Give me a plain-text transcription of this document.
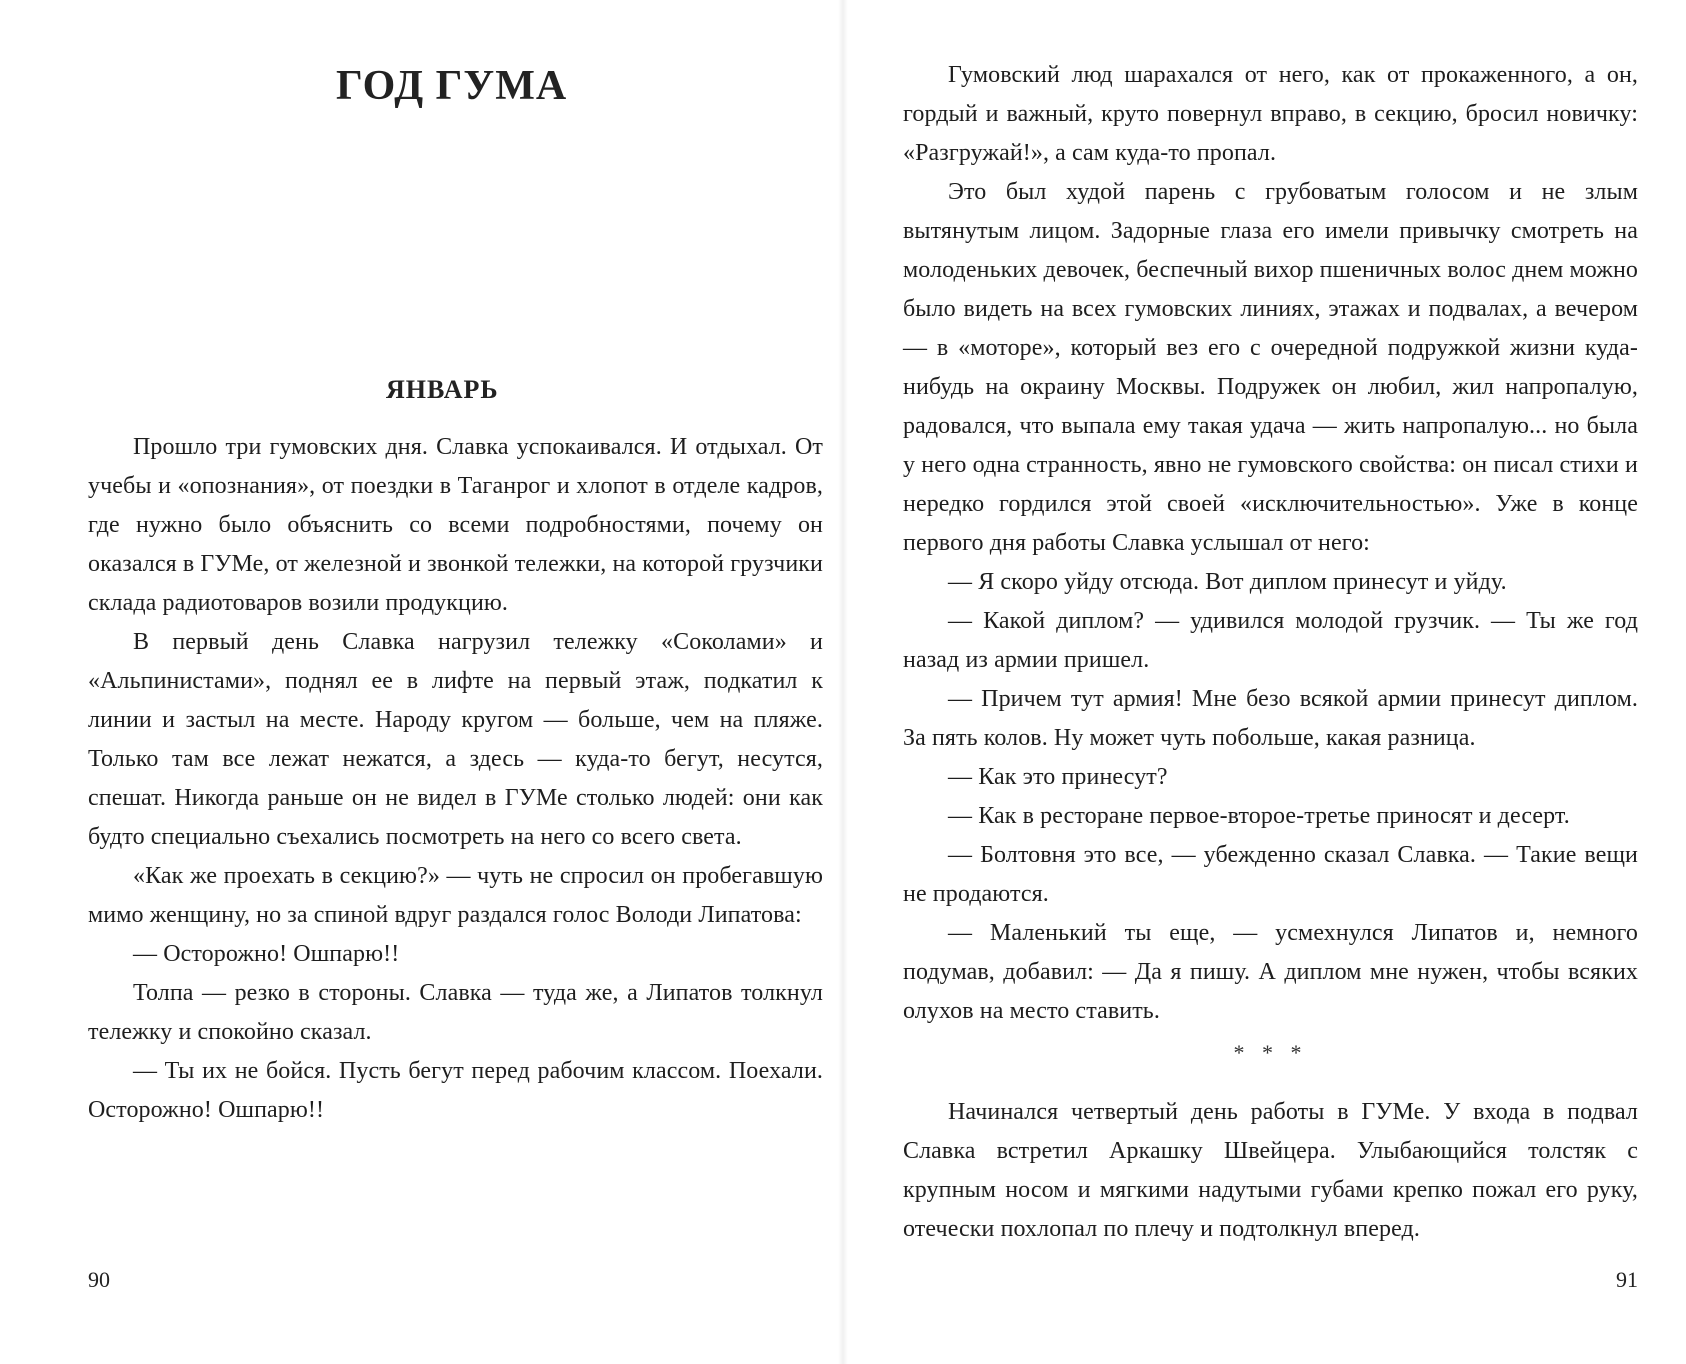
ГОД ГУМА
ЯНВАРЬ

Прошло три гумовских дня. Славка успокаивался. И отдыхал. От учебы и «опознания», от поездки в Таганрог и хлопот в отделе кадров, где нужно было объяснить со всеми подробностями, почему он оказался в ГУМе, от железной и звонкой тележки, на которой грузчики склада радиотоваров возили продукцию.

В первый день Славка нагрузил тележку «Соколами» и «Альпинистами», поднял ее в лифте на первый этаж, подкатил к линии и застыл на месте. Народу кругом — больше, чем на пляже. Только там все лежат нежатся, а здесь — куда-то бегут, несутся, спешат. Никогда раньше он не видел в ГУМе столько людей: они как будто специально съехались посмотреть на него со всего света.

«Как же проехать в секцию?» — чуть не спросил он пробегавшую мимо женщину, но за спиной вдруг раздался голос Володи Липатова:

— Осторожно! Ошпарю!!

Толпа — резко в стороны. Славка — туда же, а Липатов толкнул тележку и спокойно сказал.

— Ты их не бойся. Пусть бегут перед рабочим классом. Поехали. Осторожно! Ошпарю!!

90

Гумовский люд шарахался от него, как от прокаженного, а он, гордый и важный, круто повернул вправо, в секцию, бросил новичку: «Разгружай!», а сам куда-то пропал.

Это был худой парень с грубоватым голосом и не злым вытянутым лицом. Задорные глаза его имели привычку смотреть на молоденьких девочек, беспечный вихор пшеничных волос днем можно было видеть на всех гумовских линиях, этажах и подвалах, а вечером — в «моторе», который вез его с очередной подружкой жизни куда-нибудь на окраину Москвы. Подружек он любил, жил напропалую, радовался, что выпала ему такая удача — жить напропалую... но была у него одна странность, явно не гумовского свойства: он писал стихи и нередко гордился этой своей «исключительностью». Уже в конце первого дня работы Славка услышал от него:

— Я скоро уйду отсюда. Вот диплом принесут и уйду.

— Какой диплом? — удивился молодой грузчик. — Ты же год назад из армии пришел.

— Причем тут армия! Мне безо всякой армии принесут диплом. За пять колов. Ну может чуть побольше, какая разница.

— Как это принесут?

— Как в ресторане первое-второе-третье приносят и десерт.

— Болтовня это все, — убежденно сказал Славка. — Такие вещи не продаются.

— Маленький ты еще, — усмехнулся Липатов и, немного подумав, добавил: — Да я пишу. А диплом мне нужен, чтобы всяких олухов на место ставить.

* * *

Начинался четвертый день работы в ГУМе. У входа в подвал Славка встретил Аркашку Швейцера. Улыбающийся толстяк с крупным носом и мягкими надутыми губами крепко пожал его руку, отечески похлопал по плечу и подтолкнул вперед.

91
